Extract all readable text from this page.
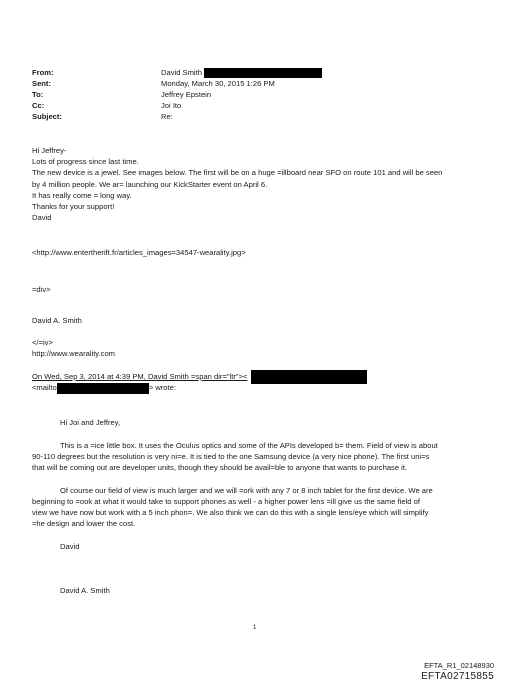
From:	David Smith
Sent:	Monday, March 30, 2015 1:26 PM
To:	Jeffrey Epstein
Cc:	Joi Ito
Subject:	Re:
Hi Jeffrey-
Lots of progress since last time.
The new device is a jewel. See images below. The first will be on a huge =illboard near SFO on route 101 and will be seen
by 4 million people. We ar= launching our KickStarter event on April 6.
It has really come = long way.
Thanks for your support!
David
<http://www.entertherift.fr/articles_images=34547-wearality.jpg>
=div>
David A. Smith
</=iv>
http://www.wearality.com
On Wed, Sep 3, 2014 at 4:39 PM, David Smith =span dir="ltr"><
<mailto	> wrote:
Hi Joi and Jeffrey,
This is a =ice little box. It uses the Oculus optics and some of the APIs developed b= them. Field of view is about
90-110 degrees but the resolution is very ni=e. It is tied to the one Samsung device (a very nice phone). The first uni=s
that will be coming out are developer units, though they should be avail=ble to anyone that wants to purchase it.
Of course our field of view is much larger and we will =ork with any 7 or 8 inch tablet for the first device. We are
beginning to =ook at what it would take to support phones as well - a higher power lens =ill give us the same field of
view we have now but work with a 5 inch phon=. We also think we can do this with a single lens/eye which will simplify
=he design and lower the cost.
David
David A. Smith
1
EFTA_R1_02148930
EFTA02715855
